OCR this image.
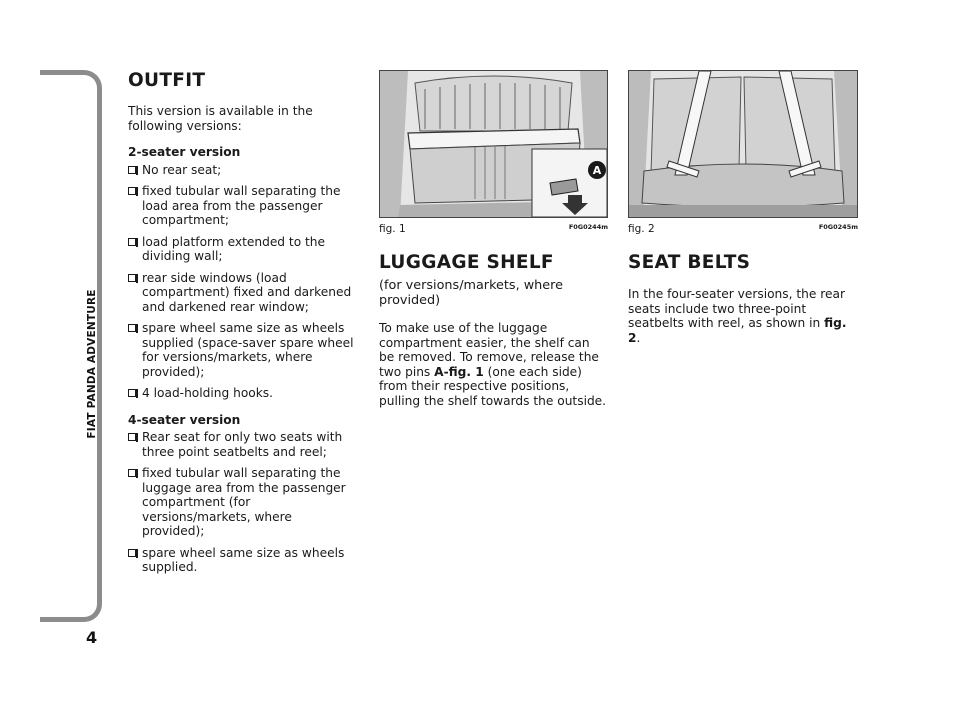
FIAT PANDA ADVENTURE
4
OUTFIT

This version is available in the following versions:

2-seater version

No rear seat;
fixed tubular wall separating the load area from the passenger compartment;
load platform extended to the dividing wall;
rear side windows (load compartment) fixed and darkened and darkened rear window;
spare wheel same size as wheels supplied (space-saver spare wheel for versions/markets, where provided);
4 load-holding hooks.

4-seater version

Rear seat for only two seats with three point seatbelts and reel;
fixed tubular wall separating the luggage area from the passenger compartment (for versions/markets, where provided);
spare wheel same size as wheels supplied.
A
fig. 1	F0G0244m
LUGGAGE SHELF

(for versions/markets, where provided)

To make use of the luggage compartment easier, the shelf can be removed. To remove, release the two pins A-fig. 1 (one each side) from their respective positions, pulling the shelf towards the outside.

fig. 2	F0G0245m
SEAT BELTS

In the four-seater versions, the rear seats include two three-point seatbelts with reel, as shown in fig. 2.
